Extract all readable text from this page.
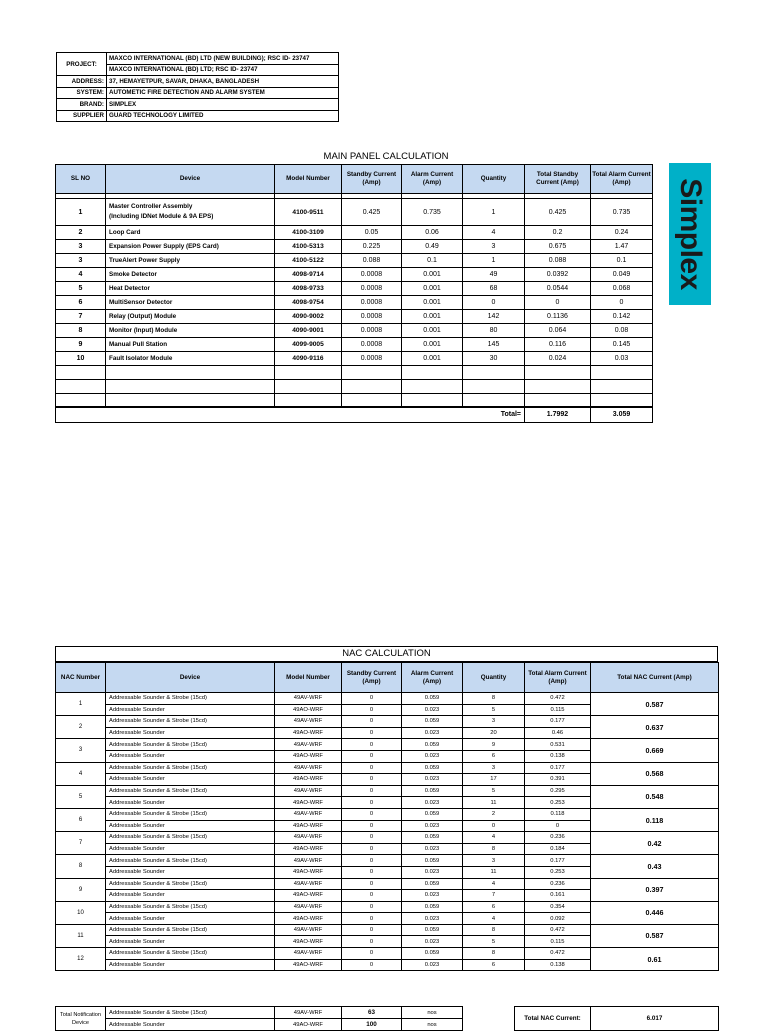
PROJECT:	MAXCO INTERNATIONAL (BD) LTD (NEW BUILDING); RSC ID- 23747
	MAXCO INTERNATIONAL (BD) LTD; RSC ID- 23747
ADDRESS:	37, HEMAYETPUR, SAVAR, DHAKA, BANGLADESH
SYSTEM:	AUTOMETIC FIRE DETECTION AND ALARM SYSTEM
BRAND:	SIMPLEX
SUPPLIER	GUARD TECHNOLOGY LIMITED
MAIN PANEL CALCULATION
SL NO	Device	Model Number	Standby Current (Amp)	Alarm Current (Amp)	Quantity	Total Standby Current (Amp)	Total Alarm Current (Amp)

1	Master Controller Assembly
(Including IDNet Module & 9A EPS)	4100-9511	0.425	0.735	1	0.425	0.735
2	Loop Card	4100-3109	0.05	0.06	4	0.2	0.24
3	Expansion Power Supply (EPS Card)	4100-5313	0.225	0.49	3	0.675	1.47
3	TrueAlert Power Supply	4100-5122	0.088	0.1	1	0.088	0.1
4	Smoke Detector	4098-9714	0.0008	0.001	49	0.0392	0.049
5	Heat Detector	4098-9733	0.0008	0.001	68	0.0544	0.068
6	MultiSensor Detector	4098-9754	0.0008	0.001	0	0	0
7	Relay (Output) Module	4090-9002	0.0008	0.001	142	0.1136	0.142
8	Monitor (Input) Module	4090-9001	0.0008	0.001	80	0.064	0.08
9	Manual Pull Station	4099-9005	0.0008	0.001	145	0.116	0.145
10	Fault Isolator Module	4090-9116	0.0008	0.001	30	0.024	0.03

Total=	1.7992	3.059
Simplex
NAC CALCULATION
NAC Number	Device	Model Number	Standby Current (Amp)	Alarm Current (Amp)	Quantity	Total Alarm Current (Amp)	Total NAC Current (Amp)
1	Addressable Sounder & Strobe (15cd)	49AV-WRF	0	0.059	8	0.472	0.587
	Addressable Sounder	49AO-WRF	0	0.023	5	0.115	
2	Addressable Sounder & Strobe (15cd)	49AV-WRF	0	0.059	3	0.177	0.637
	Addressable Sounder	49AO-WRF	0	0.023	20	0.46	
3	Addressable Sounder & Strobe (15cd)	49AV-WRF	0	0.059	9	0.531	0.669
	Addressable Sounder	49AO-WRF	0	0.023	6	0.138	
4	Addressable Sounder & Strobe (15cd)	49AV-WRF	0	0.059	3	0.177	0.568
	Addressable Sounder	49AO-WRF	0	0.023	17	0.391	
5	Addressable Sounder & Strobe (15cd)	49AV-WRF	0	0.059	5	0.295	0.548
	Addressable Sounder	49AO-WRF	0	0.023	11	0.253	
6	Addressable Sounder & Strobe (15cd)	49AV-WRF	0	0.059	2	0.118	0.118
	Addressable Sounder	49AO-WRF	0	0.023	0	0	
7	Addressable Sounder & Strobe (15cd)	49AV-WRF	0	0.059	4	0.236	0.42
	Addressable Sounder	49AO-WRF	0	0.023	8	0.184	
8	Addressable Sounder & Strobe (15cd)	49AV-WRF	0	0.059	3	0.177	0.43
	Addressable Sounder	49AO-WRF	0	0.023	11	0.253	
9	Addressable Sounder & Strobe (15cd)	49AV-WRF	0	0.059	4	0.236	0.397
	Addressable Sounder	49AO-WRF	0	0.023	7	0.161	
10	Addressable Sounder & Strobe (15cd)	49AV-WRF	0	0.059	6	0.354	0.446
	Addressable Sounder	49AO-WRF	0	0.023	4	0.092	
11	Addressable Sounder & Strobe (15cd)	49AV-WRF	0	0.059	8	0.472	0.587
	Addressable Sounder	49AO-WRF	0	0.023	5	0.115	
12	Addressable Sounder & Strobe (15cd)	49AV-WRF	0	0.059	8	0.472	0.61
	Addressable Sounder	49AO-WRF	0	0.023	6	0.138	
Total Notification Device	Addressable Sounder & Strobe (15cd)	49AV-WRF	63	nos		Total NAC Current:	6.017
	Addressable Sounder	49AO-WRF	100	nos			
